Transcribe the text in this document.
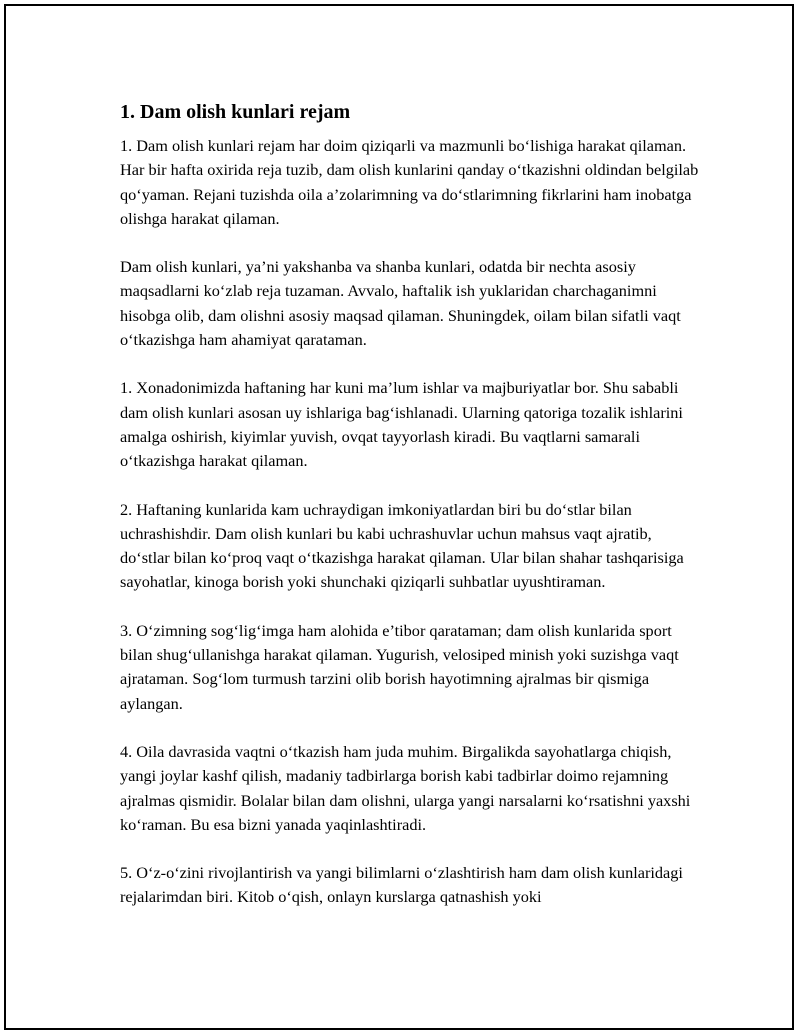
1. Dam olish kunlari rejam

1. Dam olish kunlari rejam har doim qiziqarli va mazmunli bo‘lishiga harakat qilaman. Har bir hafta oxirida reja tuzib, dam olish kunlarini qanday o‘tkazishni oldindan belgilab qo‘yaman. Rejani tuzishda oila a’zolarimning va do‘stlarimning fikrlarini ham inobatga olishga harakat qilaman.

Dam olish kunlari, ya’ni yakshanba va shanba kunlari, odatda bir nechta asosiy maqsadlarni ko‘zlab reja tuzaman. Avvalo, haftalik ish yuklaridan charchaganimni hisobga olib, dam olishni asosiy maqsad qilaman. Shuningdek, oilam bilan sifatli vaqt o‘tkazishga ham ahamiyat qarataman.

1. Xonadonimizda haftaning har kuni ma’lum ishlar va majburiyatlar bor. Shu sababli dam olish kunlari asosan uy ishlariga bag‘ishlanadi. Ularning qatoriga tozalik ishlarini amalga oshirish, kiyimlar yuvish, ovqat tayyorlash kiradi. Bu vaqtlarni samarali o‘tkazishga harakat qilaman.

2. Haftaning kunlarida kam uchraydigan imkoniyatlardan biri bu do‘stlar bilan uchrashishdir. Dam olish kunlari bu kabi uchrashuvlar uchun mahsus vaqt ajratib, do‘stlar bilan ko‘proq vaqt o‘tkazishga harakat qilaman. Ular bilan shahar tashqarisiga sayohatlar, kinoga borish yoki shunchaki qiziqarli suhbatlar uyushtiraman.

3. O‘zimning sog‘lig‘imga ham alohida e’tibor qarataman; dam olish kunlarida sport bilan shug‘ullanishga harakat qilaman. Yugurish, velosiped minish yoki suzishga vaqt ajrataman. Sog‘lom turmush tarzini olib borish hayotimning ajralmas bir qismiga aylangan.

4. Oila davrasida vaqtni o‘tkazish ham juda muhim. Birgalikda sayohatlarga chiqish, yangi joylar kashf qilish, madaniy tadbirlarga borish kabi tadbirlar doimo rejamning ajralmas qismidir. Bolalar bilan dam olishni, ularga yangi narsalarni ko‘rsatishni yaxshi ko‘raman. Bu esa bizni yanada yaqinlashtiradi.

5. O‘z-o‘zini rivojlantirish va yangi bilimlarni o‘zlashtirish ham dam olish kunlaridagi rejalarimdan biri. Kitob o‘qish, onlayn kurslarga qatnashish yoki
